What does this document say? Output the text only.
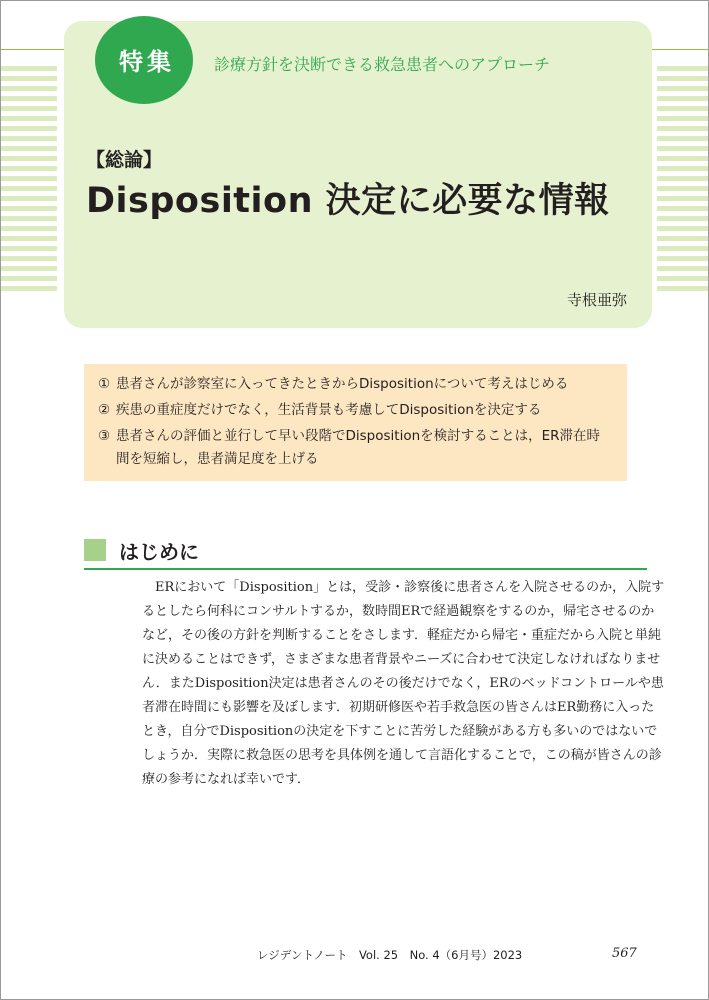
特集 診療方針を決断できる救急患者へのアプローチ
【総論】
Disposition 決定に必要な情報
寺根亜弥
① 患者さんが診察室に入ってきたときからDispositionについて考えはじめる
② 疾患の重症度だけでなく，生活背景も考慮してDispositionを決定する
③ 患者さんの評価と並行して早い段階でDispositionを検討することは，ER滞在時
間を短縮し，患者満足度を上げる
はじめに
　ERにおいて「Disposition」とは，受診・診察後に患者さんを入院させるのか，入院す
るとしたら何科にコンサルトするか，数時間ERで経過観察をするのか，帰宅させるのか
など，その後の方針を判断することをさします．軽症だから帰宅・重症だから入院と単純
に決めることはできず，さまざまな患者背景やニーズに合わせて決定しなければなりませ
ん．またDisposition決定は患者さんのその後だけでなく，ERのベッドコントロールや患
者滞在時間にも影響を及ぼします．初期研修医や若手救急医の皆さんはER勤務に入った
とき，自分でDispositionの決定を下すことに苦労した経験がある方も多いのではないで
しょうか．実際に救急医の思考を具体例を通して言語化することで，この稿が皆さんの診
療の参考になれば幸いです．
レジデントノート　Vol. 25　No. 4（6月号）2023	567
